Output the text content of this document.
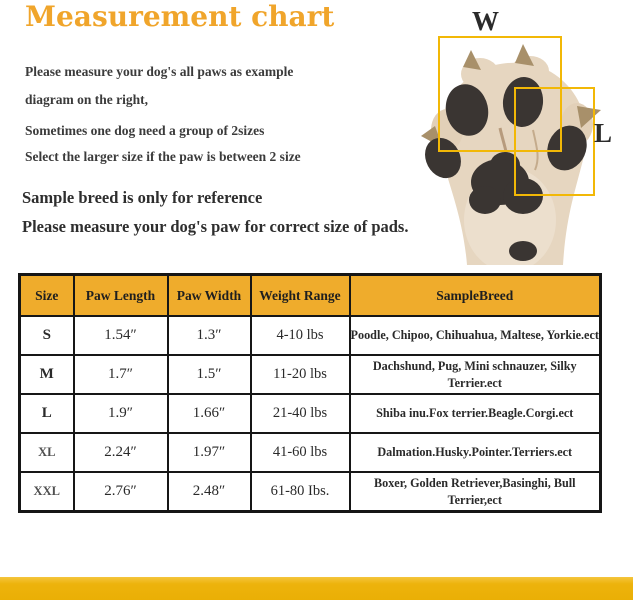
Measurement chart
Please measure your dog's all paws as example
diagram on the right,
Sometimes one dog need a group of 2sizes
Select the larger size if the paw is between 2 size
Sample breed is only for reference
Please measure your dog's paw for correct size of pads.
W
L
Size	Paw Length	Paw Width	Weight Range	SampleBreed
S	1.54″	1.3″	4-10 lbs	Poodle, Chipoo, Chihuahua, Maltese, Yorkie.ect
M	1.7″	1.5″	11-20 lbs	Dachshund, Pug, Mini schnauzer, Silky Terrier.ect
L	1.9″	1.66″	21-40 lbs	Shiba inu.Fox terrier.Beagle.Corgi.ect
XL	2.24″	1.97″	41-60 lbs	Dalmation.Husky.Pointer.Terriers.ect
XXL	2.76″	2.48″	61-80 Ibs.	Boxer, Golden Retriever,Basinghi, Bull Terrier,ect
